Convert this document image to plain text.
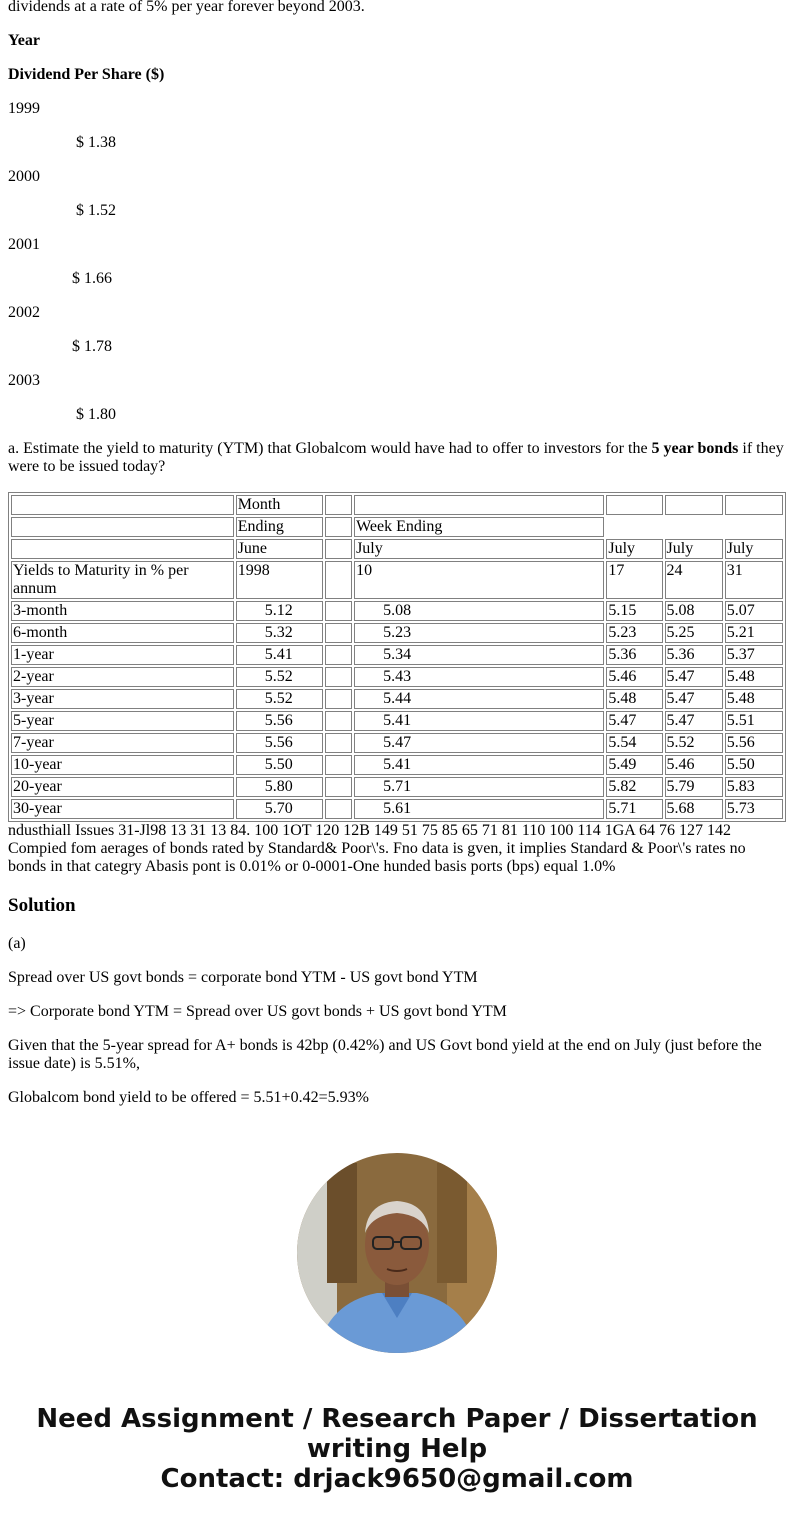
dividends at a rate of 5% per year forever beyond 2003.

Year

Dividend Per Share ($)

1999

$ 1.38

2000

$ 1.52

2001

$ 1.66

2002

$ 1.78

2003

$ 1.80

a. Estimate the yield to maturity (YTM) that Globalcom would have had to offer to investors for the 5 year bonds if they were to be issued today?

	Month					
	Ending		Week Ending			
	June		July	July	July	July
Yields to Maturity in % per annum	1998		10	17	24	31
3-month	5.12		5.08	5.15	5.08	5.07
6-month	5.32		5.23	5.23	5.25	5.21
1-year	5.41		5.34	5.36	5.36	5.37
2-year	5.52		5.43	5.46	5.47	5.48
3-year	5.52		5.44	5.48	5.47	5.48
5-year	5.56		5.41	5.47	5.47	5.51
7-year	5.56		5.47	5.54	5.52	5.56
10-year	5.50		5.41	5.49	5.46	5.50
20-year	5.80		5.71	5.82	5.79	5.83
30-year	5.70		5.61	5.71	5.68	5.73

ndusthiall Issues 31-Jl98 13 31 13 84. 100 1OT 120 12B 149 51 75 85 65 71 81 110 100 114 1GA 64 76 127 142 Compied fom aerages of bonds rated by Standard& Poor\'s. Fno data is gven, it implies Standard & Poor\'s rates no bonds in that categry Abasis pont is 0.01% or 0-0001-One hunded basis ports (bps) equal 1.0%

Solution

(a)

Spread over US govt bonds = corporate bond YTM - US govt bond YTM

=> Corporate bond YTM = Spread over US govt bonds + US govt bond YTM

Given that the 5-year spread for A+ bonds is 42bp (0.42%) and US Govt bond yield at the end on July (just before the issue date) is 5.51%,

Globalcom bond yield to be offered = 5.51+0.42=5.93%

Need Assignment / Research Paper / Dissertation
writing Help
Contact: drjack9650@gmail.com
